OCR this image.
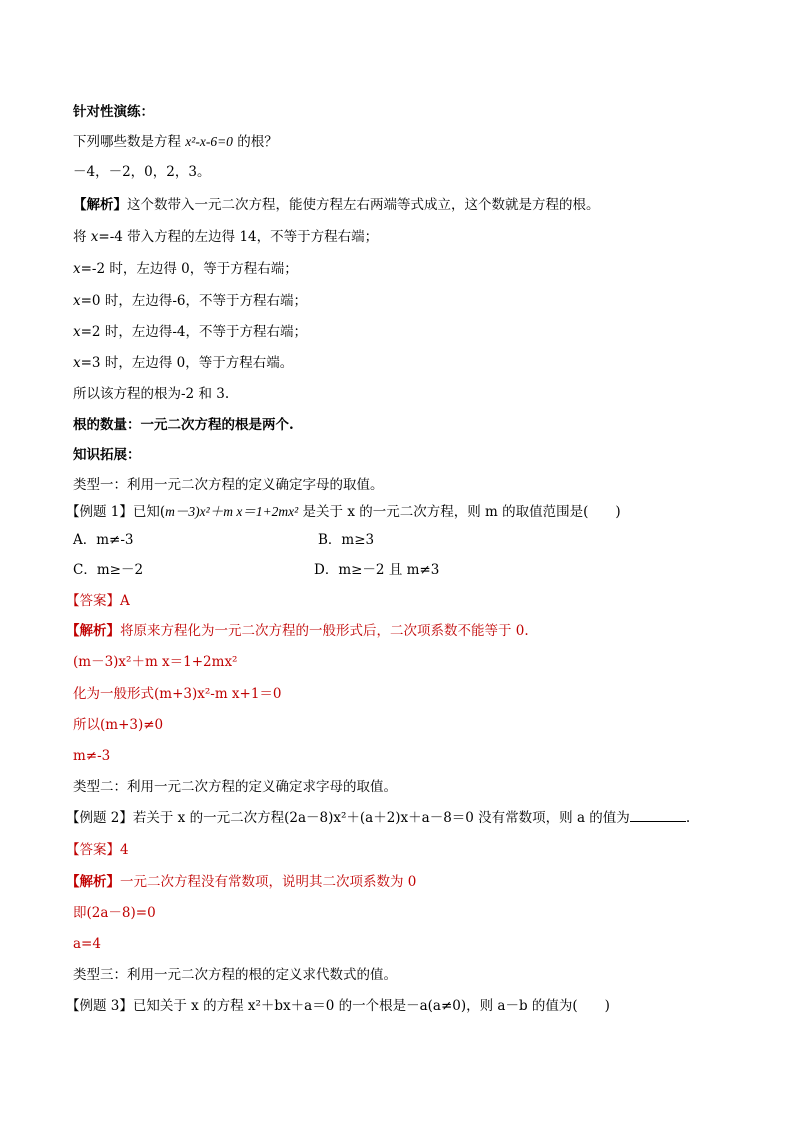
针对性演练：
下列哪些数是方程 x²-x-6=0 的根？
－4，－2，0，2，3。
【解析】这个数带入一元二次方程，能使方程左右两端等式成立，这个数就是方程的根。
将 x=-4 带入方程的左边得 14，不等于方程右端；
x=-2 时，左边得 0，等于方程右端；
x=0 时，左边得-6，不等于方程右端；
x=2 时，左边得-4，不等于方程右端；
x=3 时，左边得 0，等于方程右端。
所以该方程的根为-2 和 3.
根的数量：一元二次方程的根是两个.
知识拓展：
类型一：利用一元二次方程的定义确定字母的取值。
【例题 1】已知(m－3)x²＋m x＝1+2mx² 是关于 x 的一元二次方程，则 m 的取值范围是(　　)
A．m≠-3	B．m≥3
C．m≥－2	D．m≥－2 且 m≠3
【答案】A
【解析】将原来方程化为一元二次方程的一般形式后，二次项系数不能等于 0.
(m－3)x²＋m x＝1+2mx²
化为一般形式(m+3)x²-m x+1＝0
所以(m+3)≠0
m≠-3
类型二：利用一元二次方程的定义确定求字母的取值。
【例题 2】若关于 x 的一元二次方程(2a－8)x²＋(a＋2)x＋a－8＝0 没有常数项，则 a 的值为	.
【答案】4
【解析】一元二次方程没有常数项，说明其二次项系数为 0
即(2a－8)=0
a=4
类型三：利用一元二次方程的根的定义求代数式的值。
【例题 3】已知关于 x 的方程 x²＋bx＋a＝0 的一个根是－a(a≠0)，则 a－b 的值为(　　)
